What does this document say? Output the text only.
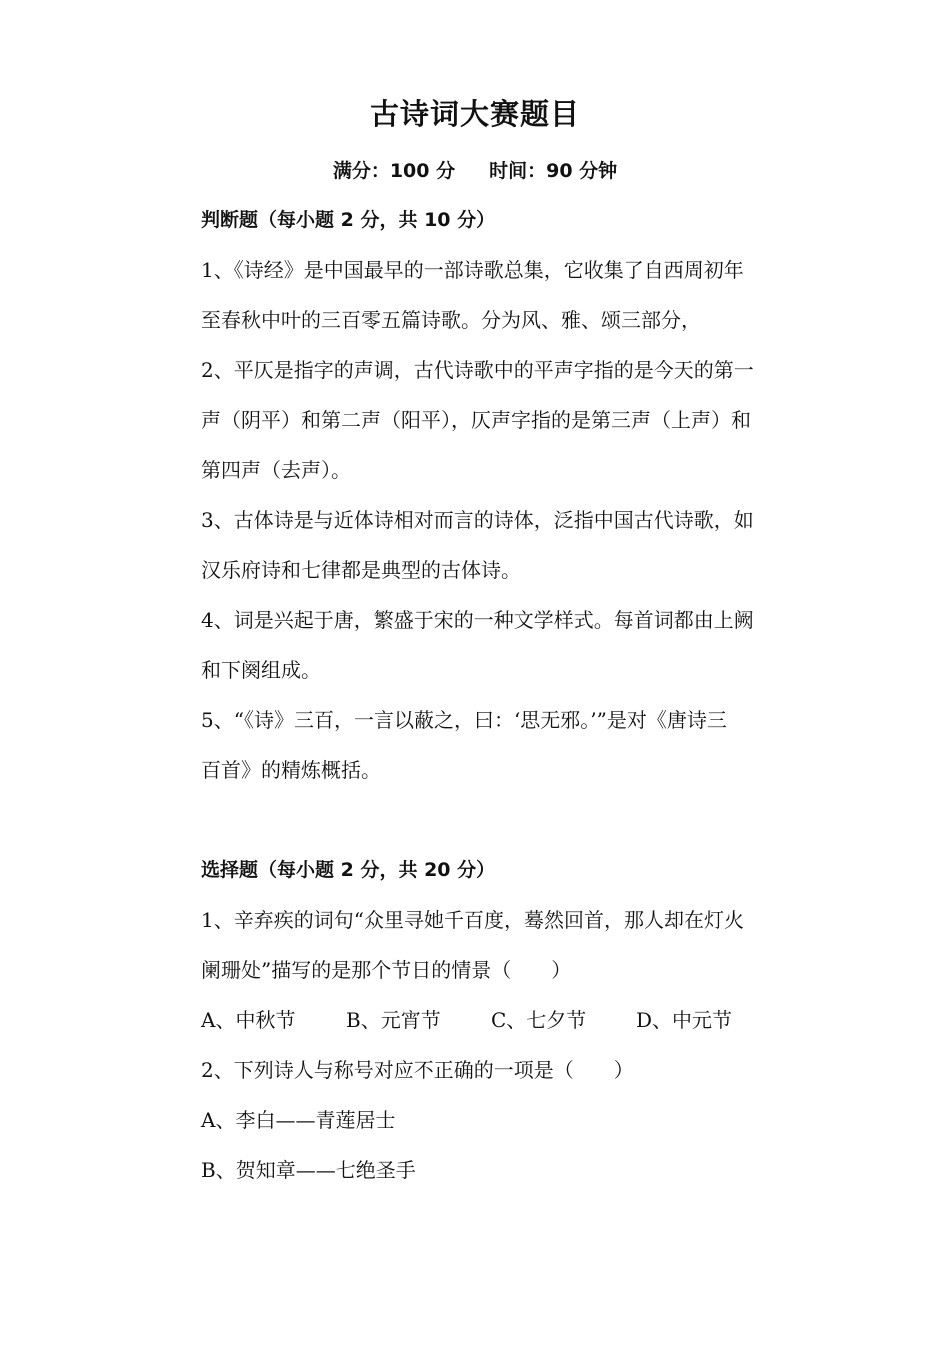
古诗词大赛题目
满分：100 分 时间：90 分钟
判断题（每小题 2 分，共 10 分）
1、《诗经》是中国最早的一部诗歌总集，它收集了自西周初年
至春秋中叶的三百零五篇诗歌。分为风、雅、颂三部分，
2、平仄是指字的声调，古代诗歌中的平声字指的是今天的第一
声（阴平）和第二声（阳平），仄声字指的是第三声（上声）和
第四声（去声）。
3、古体诗是与近体诗相对而言的诗体，泛指中国古代诗歌，如
汉乐府诗和七律都是典型的古体诗。
4、词是兴起于唐，繁盛于宋的一种文学样式。每首词都由上阙
和下阕组成。
5、“《诗》三百，一言以蔽之，曰：‘思无邪。’”是对《唐诗三
百首》的精炼概括。
选择题（每小题 2 分，共 20 分）
1、辛弃疾的词句“众里寻她千百度，蓦然回首，那人却在灯火
阑珊处”描写的是那个节日的情景（　　）
A、中秋节	B、元宵节	C、七夕节 D、中元节
2、下列诗人与称号对应不正确的一项是（　　）
A、李白——青莲居士
B、贺知章——七绝圣手
